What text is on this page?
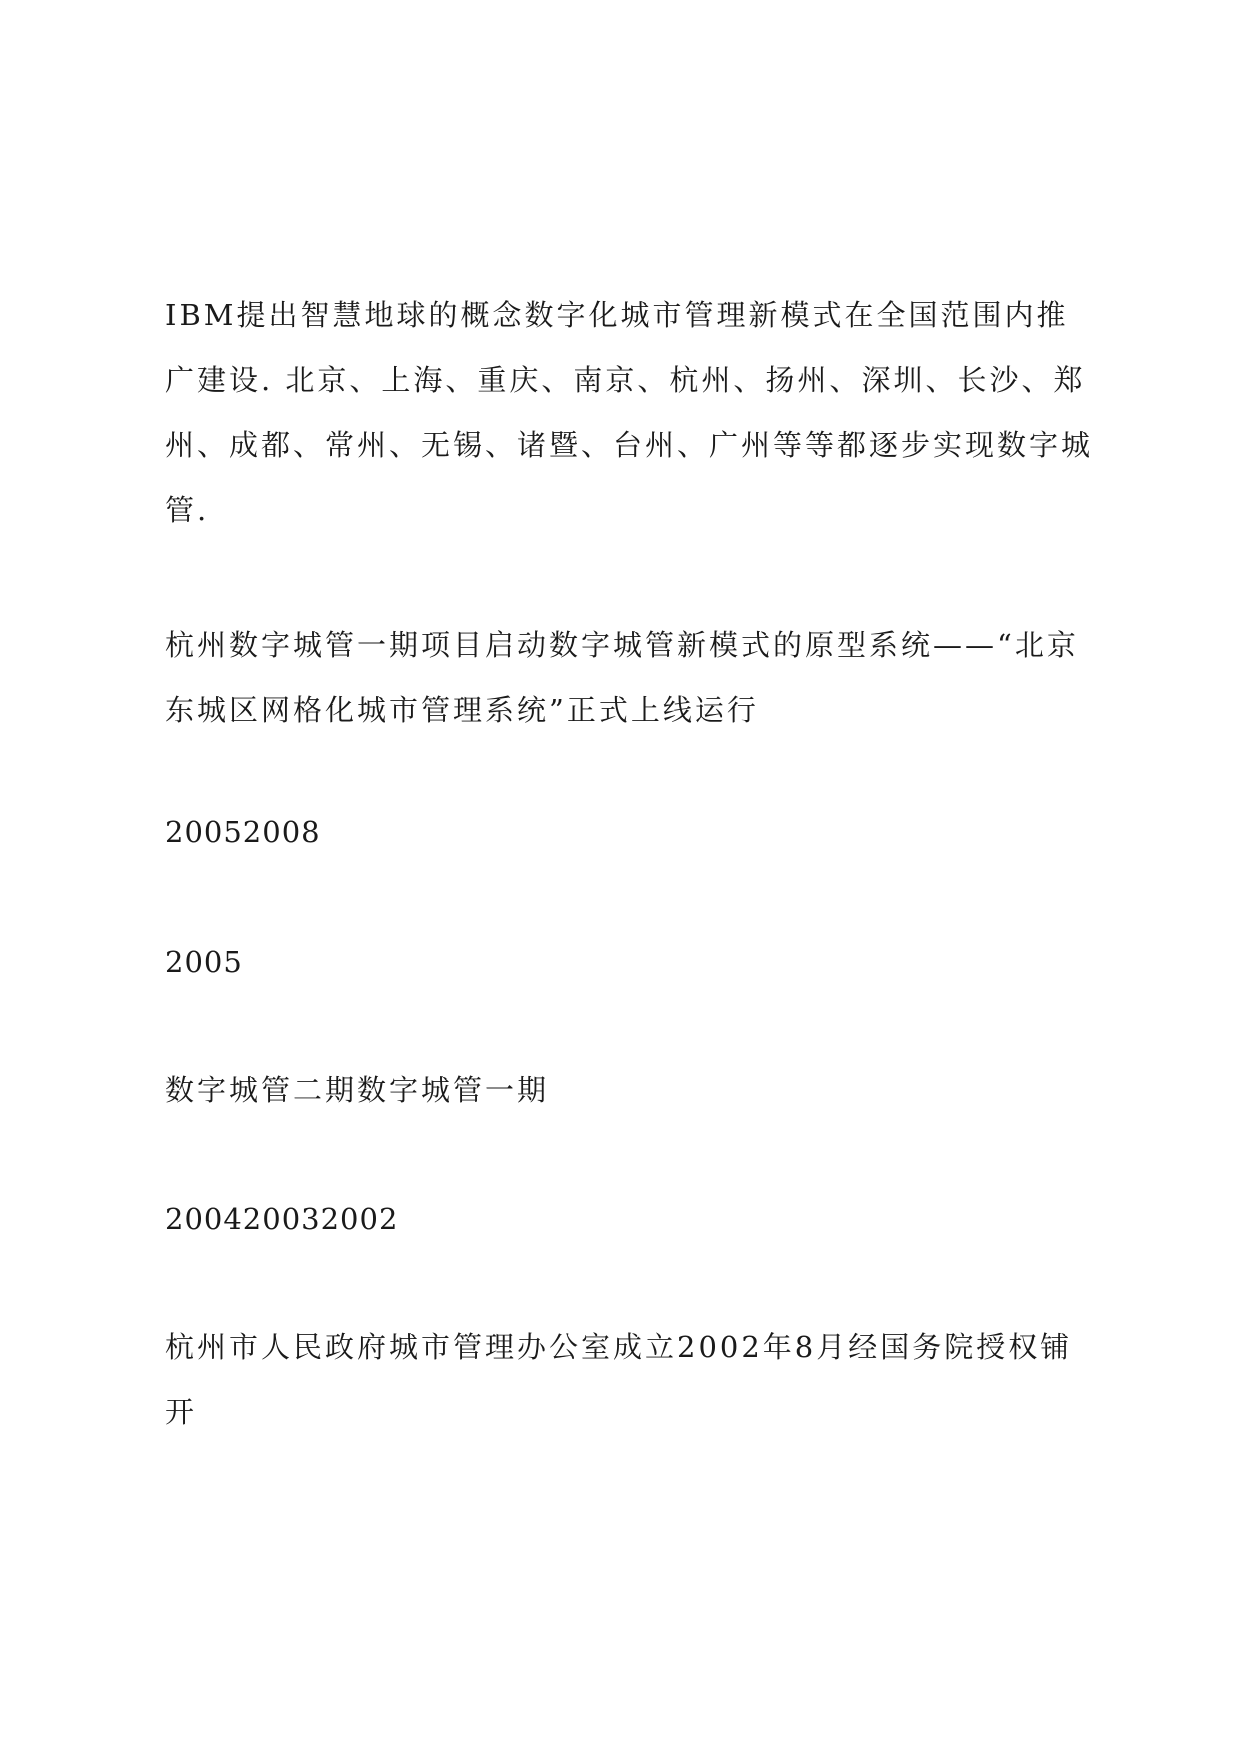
IBM提出智慧地球的概念数字化城市管理新模式在全国范围内推广建设. 北京、上海、重庆、南京、杭州、扬州、深圳、长沙、郑州、成都、常州、无锡、诸暨、台州、广州等等都逐步实现数字城管.

杭州数字城管一期项目启动数字城管新模式的原型系统——“北京东城区网格化城市管理系统”正式上线运行

20052008

2005

数字城管二期数字城管一期

200420032002

杭州市人民政府城市管理办公室成立2002年8月经国务院授权铺开
